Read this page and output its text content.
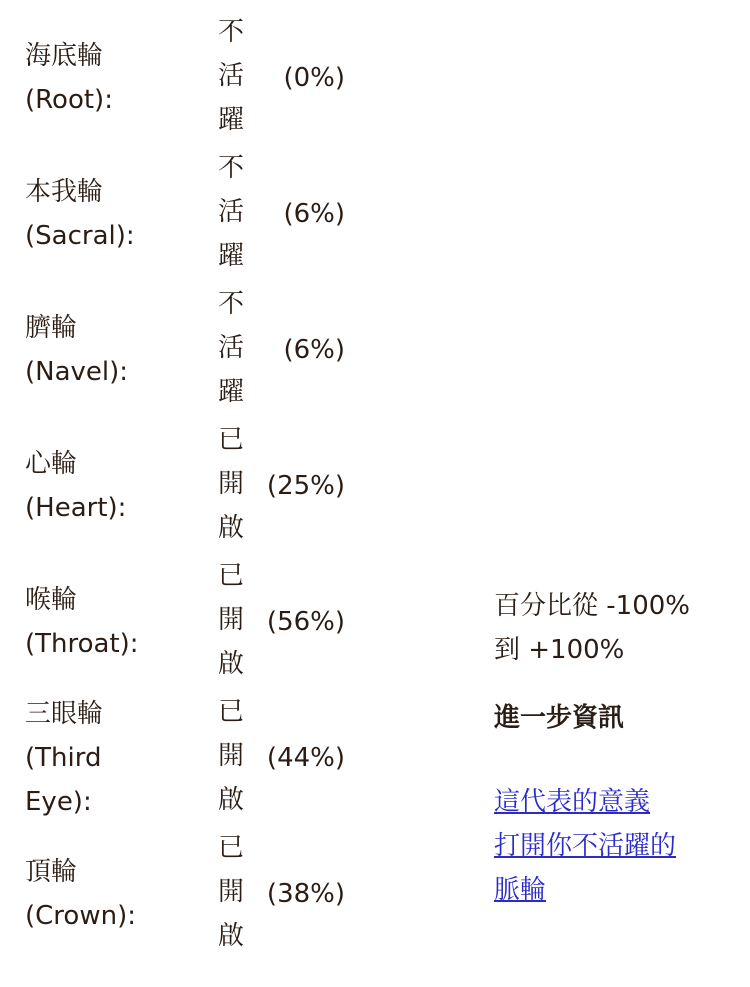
海底輪
(Root):
不
活
躍
(0%)
本我輪
(Sacral):
不
活
躍
(6%)
臍輪
(Navel):
不
活
躍
(6%)
心輪
(Heart):
已
開
啟
(25%)
喉輪
(Throat):
已
開
啟
(56%)
三眼輪
(Third
Eye):
已
開
啟
(44%)
頂輪
(Crown):
已
開
啟
(38%)
百分比從 -100%
到 +100%
進一步資訊
這代表的意義
打開你不活躍的
脈輪
